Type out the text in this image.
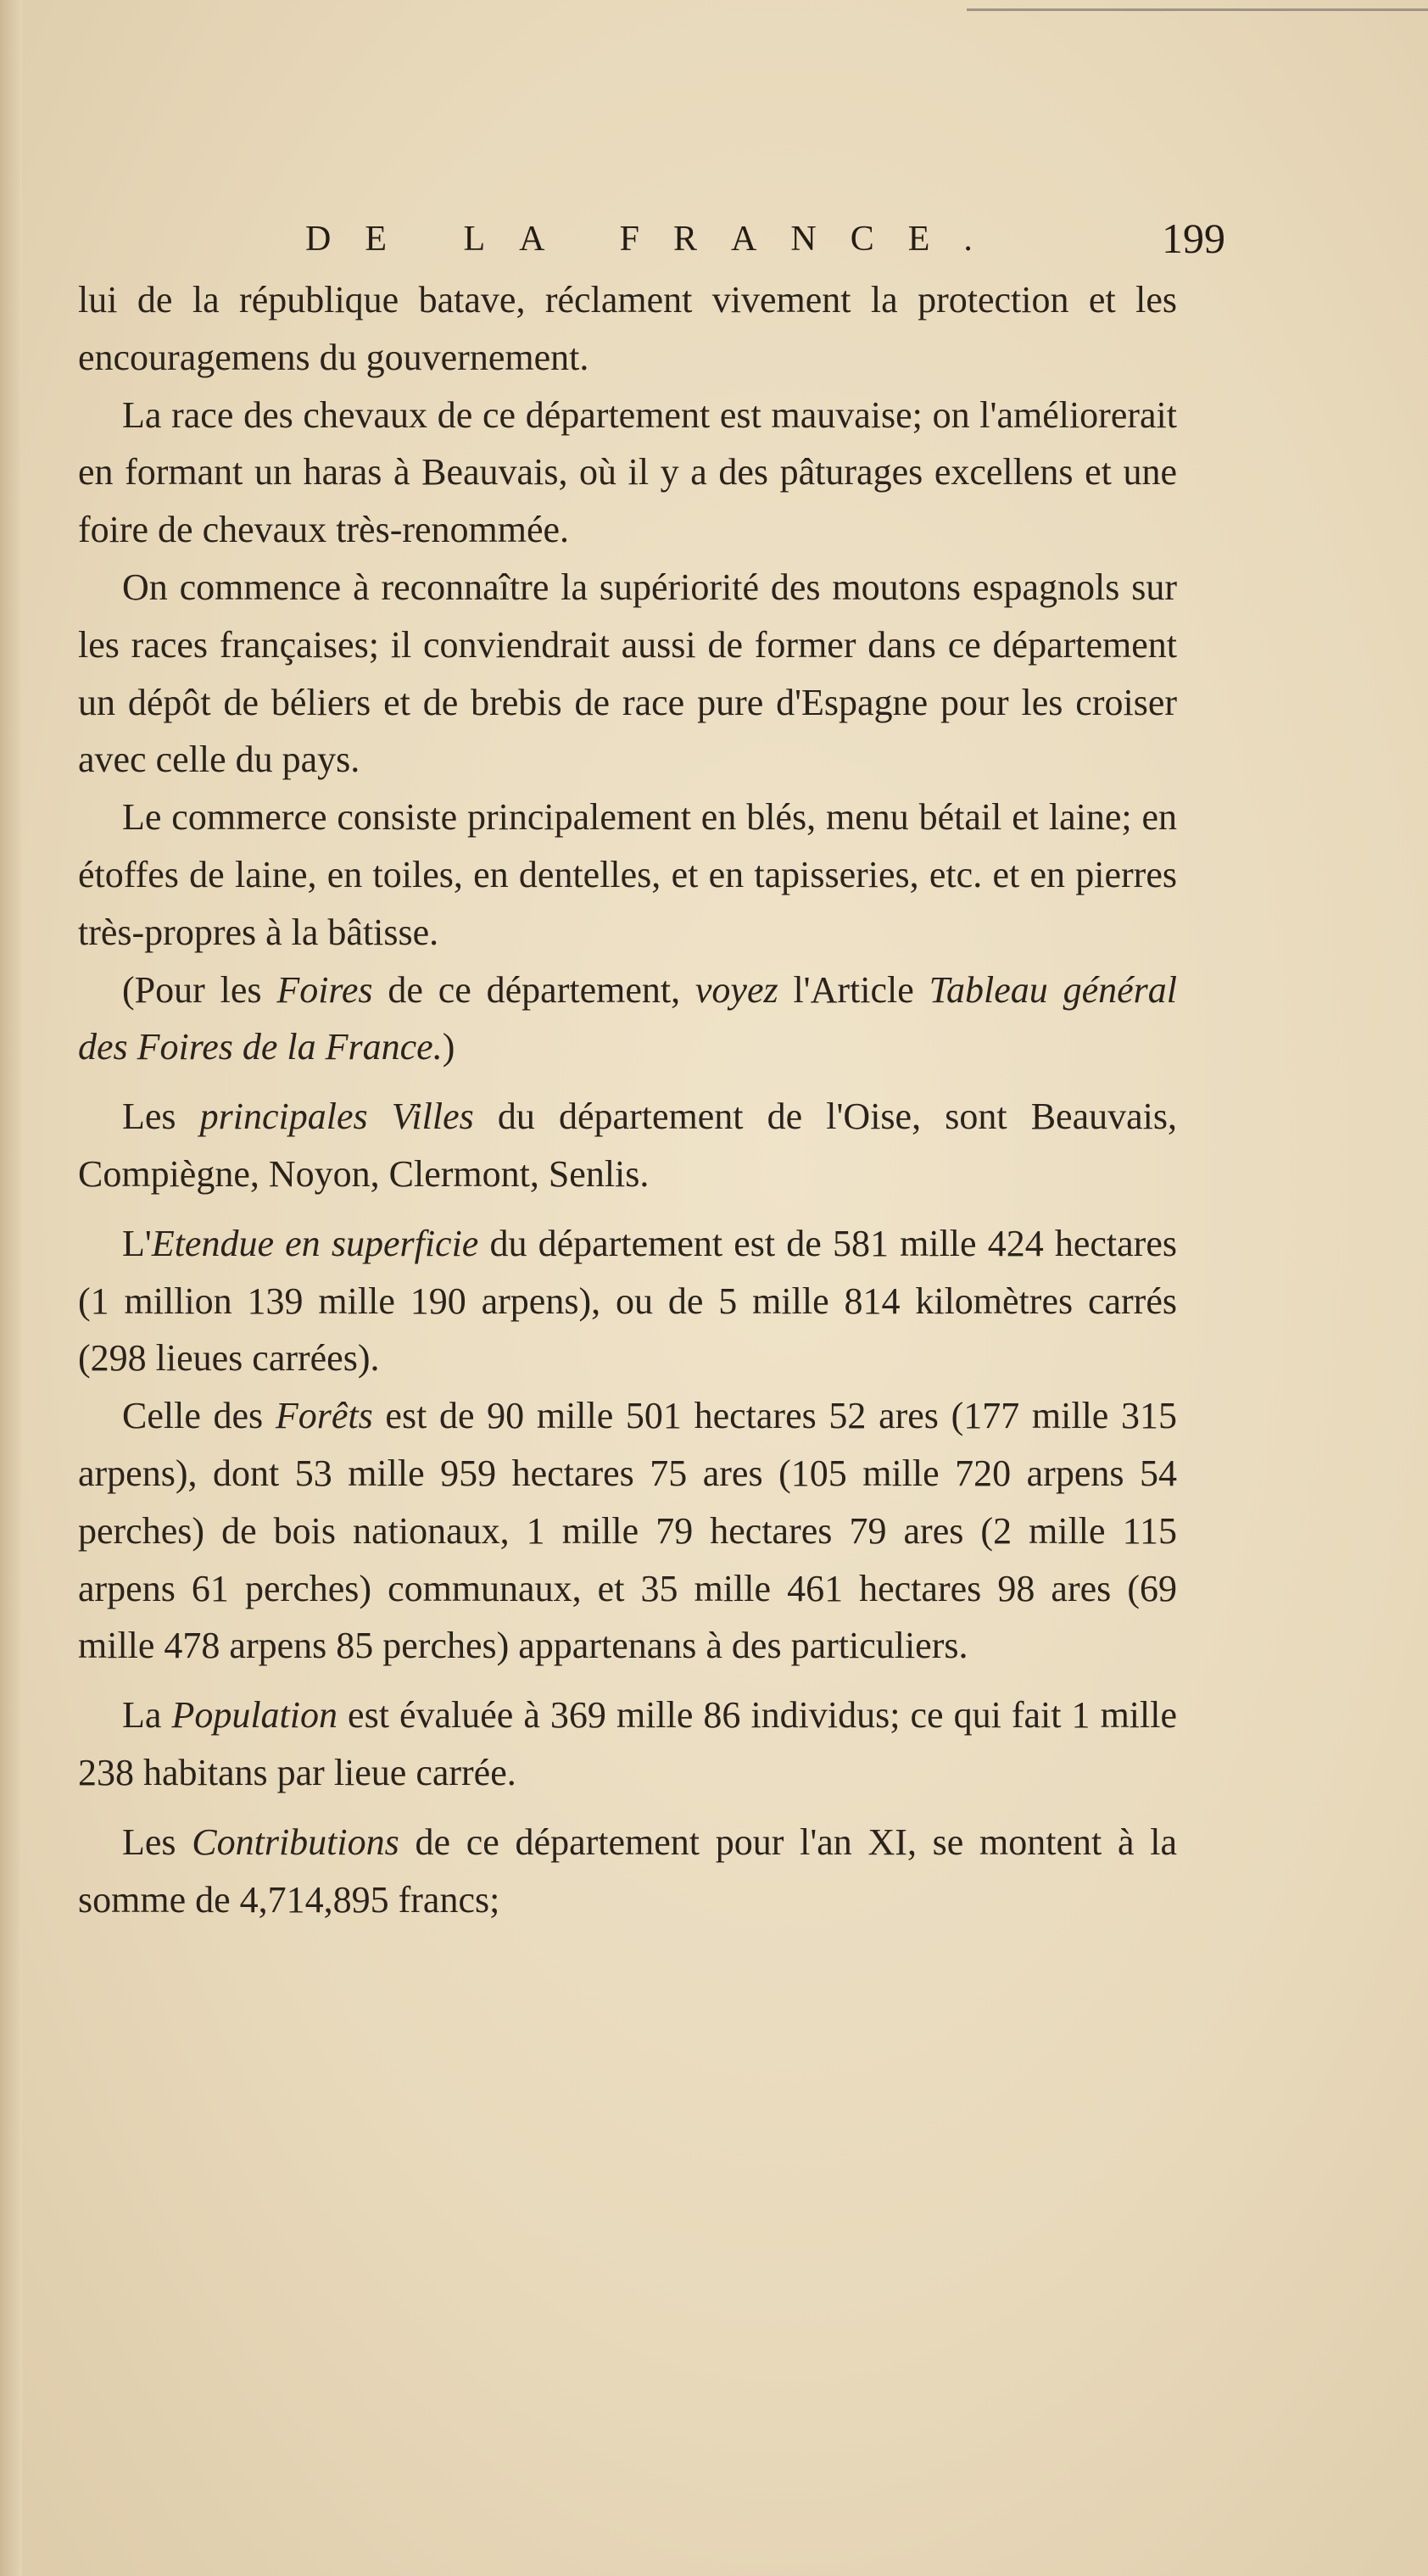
DE LA FRANCE.	199

lui de la république batave, réclament vivement la protection et les encouragemens du gouvernement.

La race des chevaux de ce département est mauvaise; on l'améliorerait en formant un haras à Beauvais, où il y a des pâturages excellens et une foire de chevaux très-renommée.

On commence à reconnaître la supériorité des moutons espagnols sur les races françaises; il conviendrait aussi de former dans ce département un dépôt de béliers et de brebis de race pure d'Espagne pour les croiser avec celle du pays.

Le commerce consiste principalement en blés, menu bétail et laine; en étoffes de laine, en toiles, en dentelles, et en tapisseries, etc. et en pierres très-propres à la bâtisse.

(Pour les Foires de ce département, voyez l'Article Tableau général des Foires de la France.)

Les principales Villes du département de l'Oise, sont Beauvais, Compiègne, Noyon, Clermont, Senlis.

L'Etendue en superficie du département est de 581 mille 424 hectares (1 million 139 mille 190 arpens), ou de 5 mille 814 kilomètres carrés (298 lieues carrées).

Celle des Forêts est de 90 mille 501 hectares 52 ares (177 mille 315 arpens), dont 53 mille 959 hectares 75 ares (105 mille 720 arpens 54 perches) de bois nationaux, 1 mille 79 hectares 79 ares (2 mille 115 arpens 61 perches) communaux, et 35 mille 461 hectares 98 ares (69 mille 478 arpens 85 perches) appartenans à des particuliers.

La Population est évaluée à 369 mille 86 individus; ce qui fait 1 mille 238 habitans par lieue carrée.

Les Contributions de ce département pour l'an XI, se montent à la somme de 4,714,895 francs;
